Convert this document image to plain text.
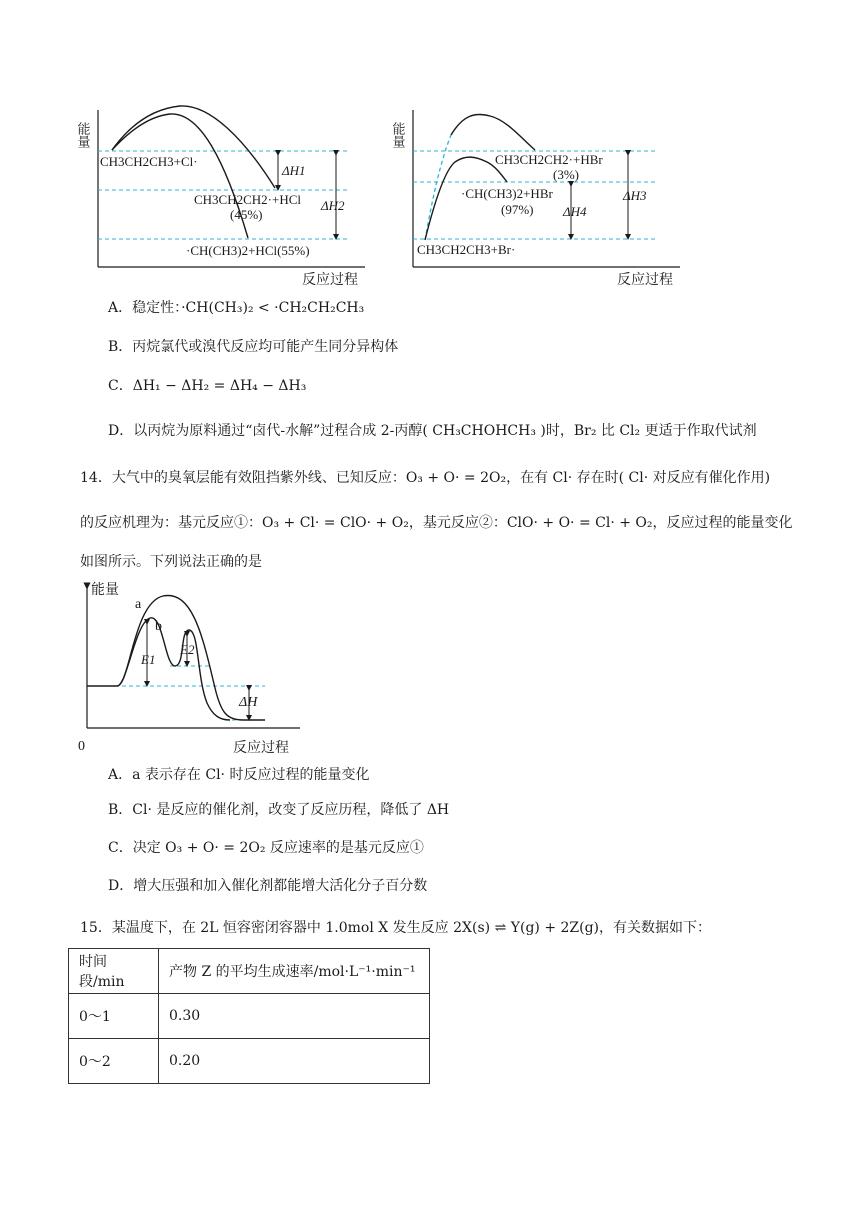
能量
反应过程
CH3CH2CH3+Cl·
CH3CH2CH2·+HCl
(45%)
·CH(CH3)2+HCl(55%)
ΔH1
ΔH2
能量
反应过程
CH3CH2CH2·+HBr
(3%)
·CH(CH3)2+HBr
(97%)
CH3CH2CH3+Br·
ΔH4
ΔH3
A．稳定性：·CH(CH₃)₂ < ·CH₂CH₂CH₃
B．丙烷氯代或溴代反应均可能产生同分异构体
C．ΔH₁ − ΔH₂ = ΔH₄ − ΔH₃
D．以丙烷为原料通过“卤代-水解”过程合成 2-丙醇( CH₃CHOHCH₃ )时，Br₂ 比 Cl₂ 更适于作取代试剂
14．大气中的臭氧层能有效阻挡紫外线、已知反应：O₃ + O· = 2O₂，在有 Cl· 存在时( Cl· 对反应有催化作用)
的反应机理为：基元反应①：O₃ + Cl· = ClO· + O₂，基元反应②：ClO· + O· = Cl· + O₂，反应过程的能量变化
如图所示。下列说法正确的是
能量
反应过程
0
a
b
E1
E2
ΔH
A．a 表示存在 Cl· 时反应过程的能量变化
B．Cl· 是反应的催化剂，改变了反应历程，降低了 ΔH
C．决定 O₃ + O· = 2O₂ 反应速率的是基元反应①
D．增大压强和加入催化剂都能增大活化分子百分数
15．某温度下，在 2L 恒容密闭容器中 1.0mol X 发生反应 2X(s) ⇌ Y(g) + 2Z(g)，有关数据如下：
时间段/min	产物 Z 的平均生成速率/mol·L⁻¹·min⁻¹
0～1	0.30
0～2	0.20
